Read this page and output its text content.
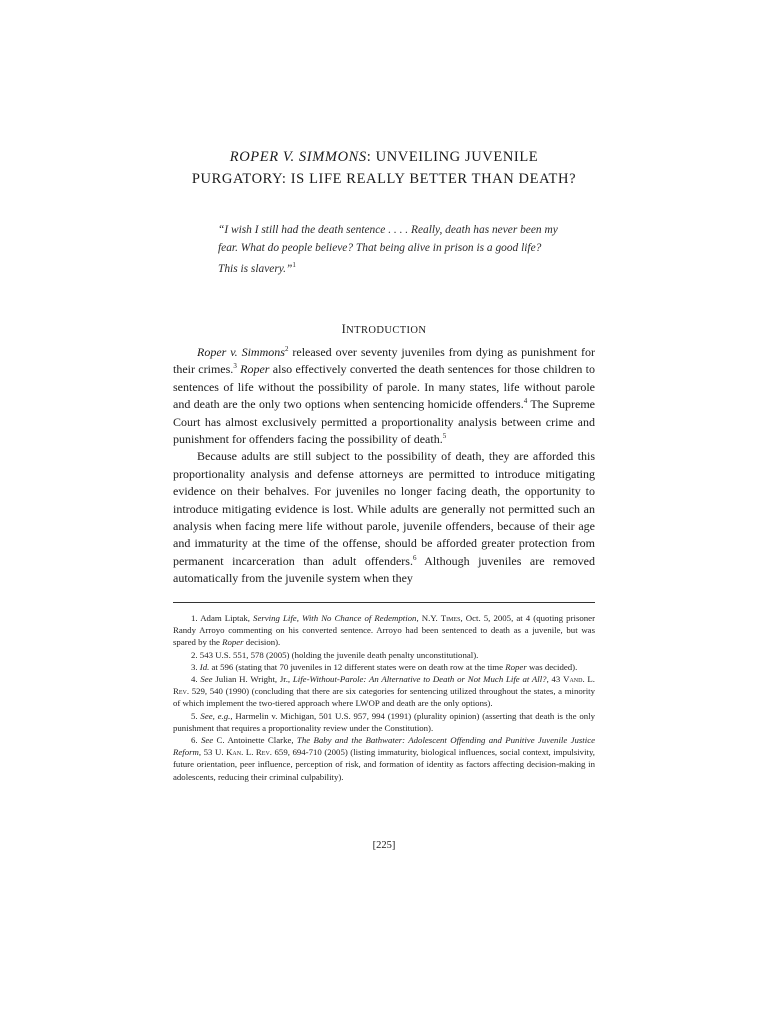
ROPER V. SIMMONS: UNVEILING JUVENILE
PURGATORY: IS LIFE REALLY BETTER THAN DEATH?
“I wish I still had the death sentence . . . . Really, death has never been my fear. What do people believe? That being alive in prison is a good life? This is slavery.”$^1$
INTRODUCTION

Roper v. Simmons$^2$ released over seventy juveniles from dying as punishment for their crimes.$^3$ Roper also effectively converted the death sentences for those children to sentences of life without the possibility of parole. In many states, life without parole and death are the only two options when sentencing homicide offenders.$^4$ The Supreme Court has almost exclusively permitted a proportionality analysis between crime and punishment for offenders facing the possibility of death.$^5$

Because adults are still subject to the possibility of death, they are afforded this proportionality analysis and defense attorneys are permitted to introduce mitigating evidence on their behalves. For juveniles no longer facing death, the opportunity to introduce mitigating evidence is lost. While adults are generally not permitted such an analysis when facing mere life without parole, juvenile offenders, because of their age and immaturity at the time of the offense, should be afforded greater protection from permanent incarceration than adult offenders.$^6$ Although juveniles are removed automatically from the juvenile system when they

1. Adam Liptak, Serving Life, With No Chance of Redemption, N.Y. Times, Oct. 5, 2005, at 4 (quoting prisoner Randy Arroyo commenting on his converted sentence. Arroyo had been sentenced to death as a juvenile, but was spared by the Roper decision).

2. 543 U.S. 551, 578 (2005) (holding the juvenile death penalty unconstitutional).

3. Id. at 596 (stating that 70 juveniles in 12 different states were on death row at the time Roper was decided).

4. See Julian H. Wright, Jr., Life-Without-Parole: An Alternative to Death or Not Much Life at All?, 43 Vand. L. Rev. 529, 540 (1990) (concluding that there are six categories for sentencing utilized throughout the states, a minority of which implement the two-tiered approach where LWOP and death are the only options).

5. See, e.g., Harmelin v. Michigan, 501 U.S. 957, 994 (1991) (plurality opinion) (asserting that death is the only punishment that requires a proportionality review under the Constitution).

6. See C. Antoinette Clarke, The Baby and the Bathwater: Adolescent Offending and Punitive Juvenile Justice Reform, 53 U. Kan. L. Rev. 659, 694-710 (2005) (listing immaturity, biological influences, social context, impulsivity, future orientation, peer influence, perception of risk, and formation of identity as factors affecting decision-making in adolescents, reducing their criminal culpability).

[225]
